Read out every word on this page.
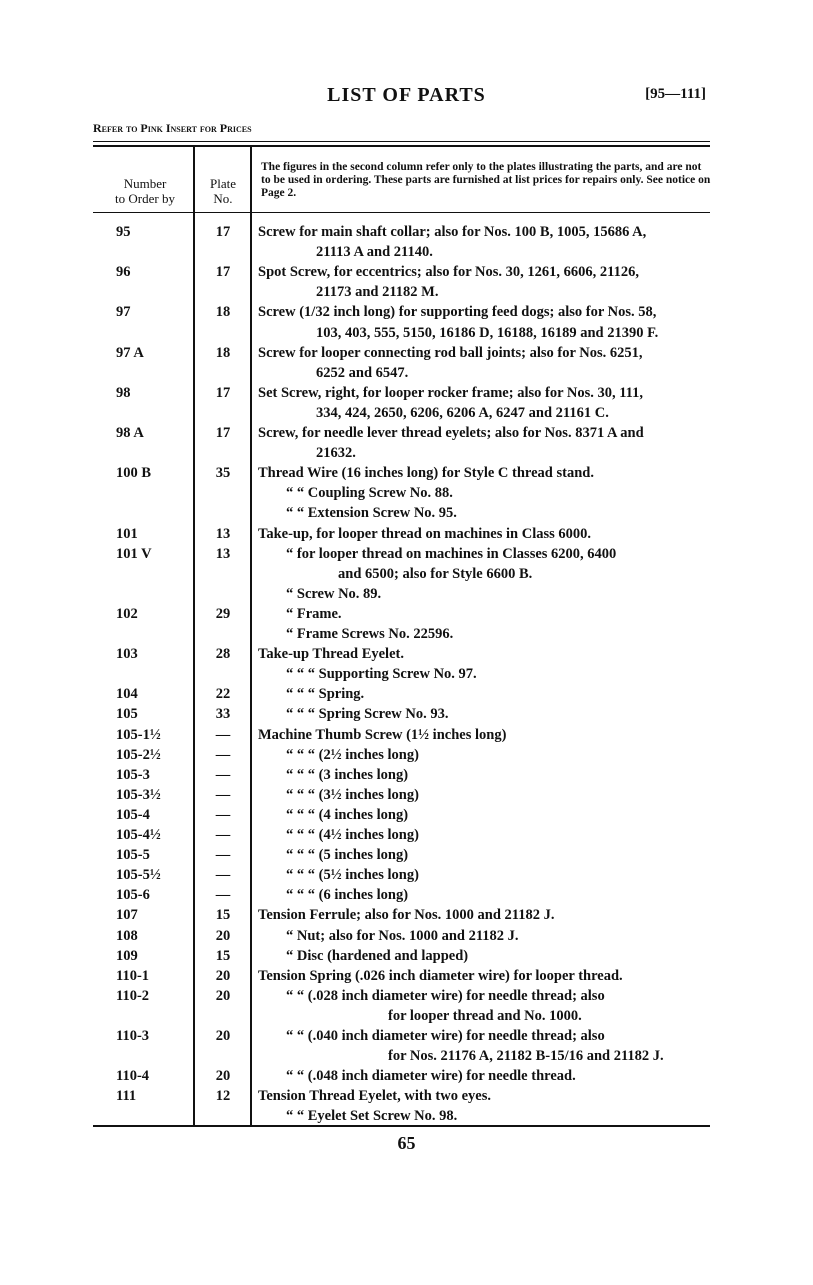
LIST OF PARTS	[95—111]
Refer to Pink Insert for Prices
Number
to Order by
Plate
No.
The figures in the second column refer only to the plates illustrating the parts, and are not to be used in ordering. These parts are furnished at list prices for repairs only. See notice on Page 2.
95
96
97
97 A
98
98 A
100 B
101
101 V
102
103
104
105
105-1½
105-2½
105-3
105-3½
105-4
105-4½
105-5
105-5½
105-6
107
108
109
110-1
110-2
110-3
110-4
111
17
17
18
18
17
17
35
13
13
29
28
22
33
—
—
—
—
—
—
—
—
—
15
20
15
20
20
20
20
12
Screw for main shaft collar; also for Nos. 100 B, 1005, 15686 A,
21113 A and 21140.
Spot Screw, for eccentrics; also for Nos. 30, 1261, 6606, 21126,
21173 and 21182 M.
Screw (1/32 inch long) for supporting feed dogs; also for Nos. 58,
103, 403, 555, 5150, 16186 D, 16188, 16189 and 21390 F.
Screw for looper connecting rod ball joints; also for Nos. 6251,
6252 and 6547.
Set Screw, right, for looper rocker frame; also for Nos. 30, 111,
334, 424, 2650, 6206, 6206 A, 6247 and 21161 C.
Screw, for needle lever thread eyelets; also for Nos. 8371 A and
21632.
Thread Wire (16 inches long) for Style C thread stand.
“ “ Coupling Screw No. 88.
“ “ Extension Screw No. 95.
Take-up, for looper thread on machines in Class 6000.
“ for looper thread on machines in Classes 6200, 6400
and 6500; also for Style 6600 B.
“ Screw No. 89.
“ Frame.
“ Frame Screws No. 22596.
Take-up Thread Eyelet.
“ “ “ Supporting Screw No. 97.
“ “ “ Spring.
“ “ “ Spring Screw No. 93.
Machine Thumb Screw (1½ inches long)
“ “ “ (2½ inches long)
“ “ “ (3 inches long)
“ “ “ (3½ inches long)
“ “ “ (4 inches long)
“ “ “ (4½ inches long)
“ “ “ (5 inches long)
“ “ “ (5½ inches long)
“ “ “ (6 inches long)
Tension Ferrule; also for Nos. 1000 and 21182 J.
“ Nut; also for Nos. 1000 and 21182 J.
“ Disc (hardened and lapped)
Tension Spring (.026 inch diameter wire) for looper thread.
“ “ (.028 inch diameter wire) for needle thread; also
for looper thread and No. 1000.
“ “ (.040 inch diameter wire) for needle thread; also
for Nos. 21176 A, 21182 B-15/16 and 21182 J.
“ “ (.048 inch diameter wire) for needle thread.
Tension Thread Eyelet, with two eyes.
“ “ Eyelet Set Screw No. 98.
65
